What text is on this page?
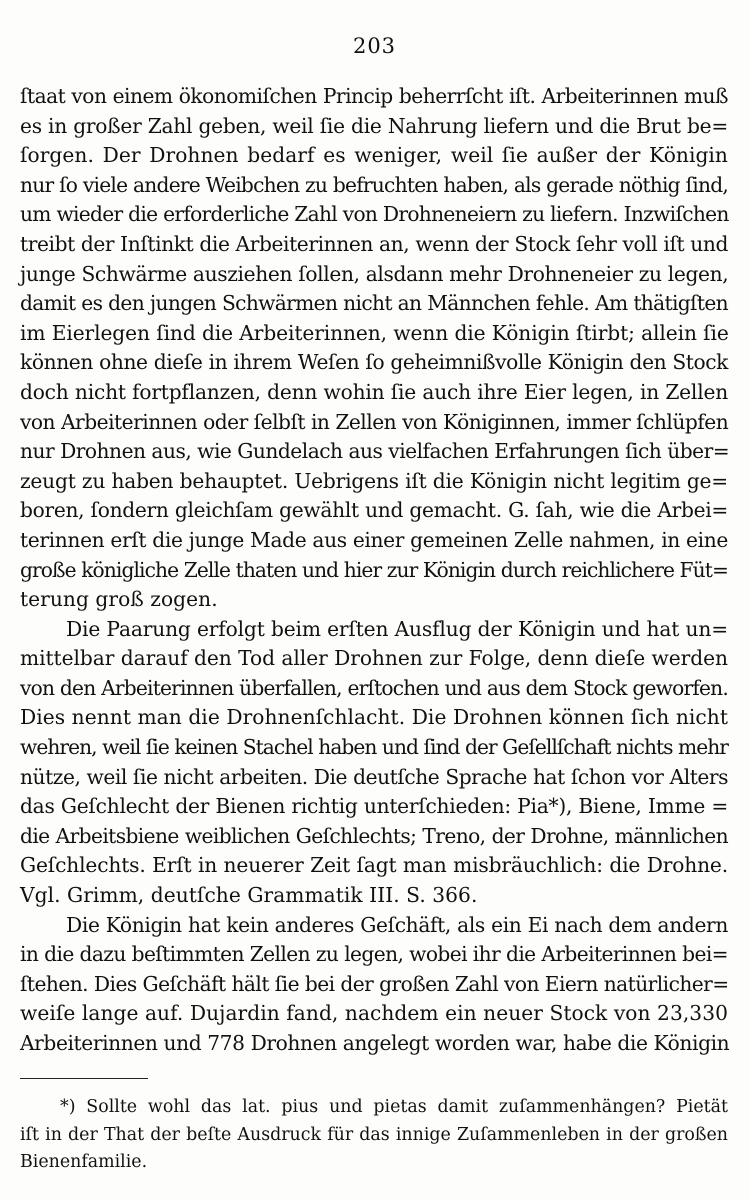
203
ſtaat von einem ökonomiſchen Princip beherrſcht iſt. Arbeiterinnen muß
es in großer Zahl geben, weil ſie die Nahrung liefern und die Brut be=
ſorgen. Der Drohnen bedarf es weniger, weil ſie außer der Königin
nur ſo viele andere Weibchen zu befruchten haben, als gerade nöthig ſind,
um wieder die erforderliche Zahl von Drohneneiern zu liefern. Inzwiſchen
treibt der Inſtinkt die Arbeiterinnen an, wenn der Stock ſehr voll iſt und
junge Schwärme ausziehen ſollen, alsdann mehr Drohneneier zu legen,
damit es den jungen Schwärmen nicht an Männchen fehle. Am thätigſten
im Eierlegen ſind die Arbeiterinnen, wenn die Königin ſtirbt; allein ſie
können ohne dieſe in ihrem Weſen ſo geheimnißvolle Königin den Stock
doch nicht fortpflanzen, denn wohin ſie auch ihre Eier legen, in Zellen
von Arbeiterinnen oder ſelbſt in Zellen von Königinnen, immer ſchlüpfen
nur Drohnen aus, wie Gundelach aus vielfachen Erfahrungen ſich über=
zeugt zu haben behauptet. Uebrigens iſt die Königin nicht legitim ge=
boren, ſondern gleichſam gewählt und gemacht. G. ſah, wie die Arbei=
terinnen erſt die junge Made aus einer gemeinen Zelle nahmen, in eine
große königliche Zelle thaten und hier zur Königin durch reichlichere Füt=
terung groß zogen.
Die Paarung erfolgt beim erſten Ausflug der Königin und hat un=
mittelbar darauf den Tod aller Drohnen zur Folge, denn dieſe werden
von den Arbeiterinnen überfallen, erſtochen und aus dem Stock geworfen.
Dies nennt man die Drohnenſchlacht. Die Drohnen können ſich nicht
wehren, weil ſie keinen Stachel haben und ſind der Geſellſchaft nichts mehr
nütze, weil ſie nicht arbeiten. Die deutſche Sprache hat ſchon vor Alters
das Geſchlecht der Bienen richtig unterſchieden: Pia*), Biene, Imme =
die Arbeitsbiene weiblichen Geſchlechts; Treno, der Drohne, männlichen
Geſchlechts. Erſt in neuerer Zeit ſagt man misbräuchlich: die Drohne.
Vgl. Grimm, deutſche Grammatik III. S. 366.
Die Königin hat kein anderes Geſchäft, als ein Ei nach dem andern
in die dazu beſtimmten Zellen zu legen, wobei ihr die Arbeiterinnen bei=
ſtehen. Dies Geſchäft hält ſie bei der großen Zahl von Eiern natürlicher=
weiſe lange auf. Dujardin fand, nachdem ein neuer Stock von 23,330
Arbeiterinnen und 778 Drohnen angelegt worden war, habe die Königin
*) Sollte wohl das lat. pius und pietas damit zuſammenhängen? Pietät
iſt in der That der beſte Ausdruck für das innige Zuſammenleben in der großen
Bienenfamilie.
